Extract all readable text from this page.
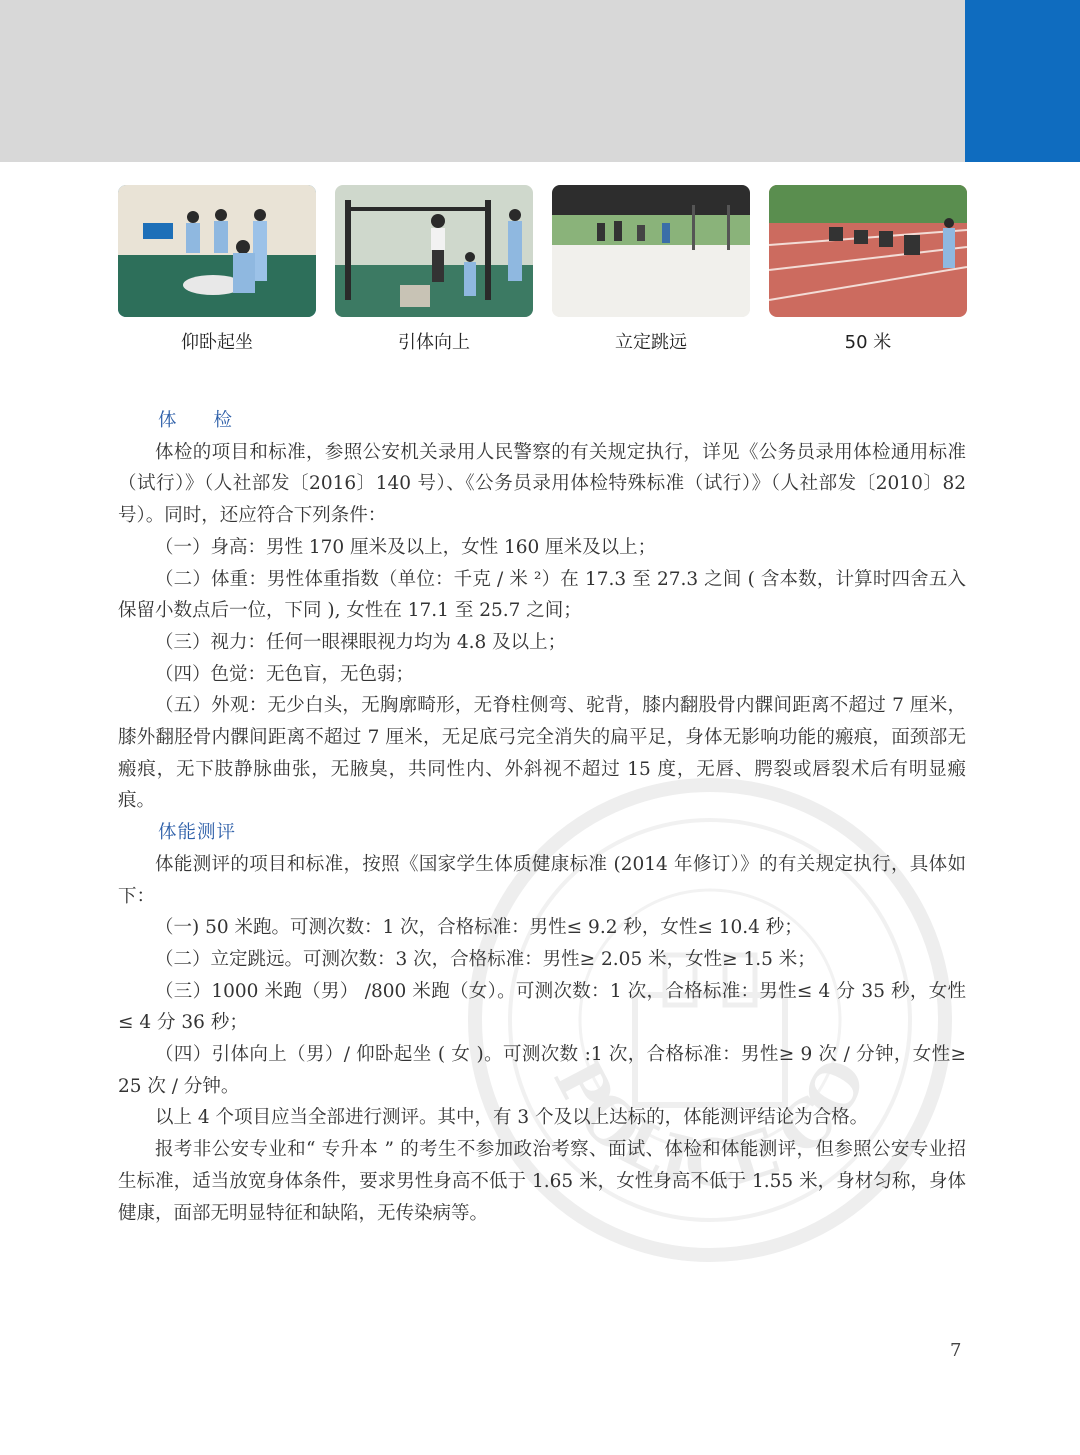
仰卧起坐	引体向上	立定跳远	50 米
POLICE CO

体　　检

体检的项目和标准，参照公安机关录用人民警察的有关规定执行，详见《公务员录用体检通用标准（试行）》（人社部发〔2016〕140 号）、《公务员录用体检特殊标准（试行）》（人社部发〔2010〕82 号）。同时，还应符合下列条件：

（一）身高：男性 170 厘米及以上，女性 160 厘米及以上；

（二）体重：男性体重指数（单位：千克 / 米 ²）在 17.3 至 27.3 之间 ( 含本数，计算时四舍五入保留小数点后一位，下同 ), 女性在 17.1 至 25.7 之间；

（三）视力：任何一眼裸眼视力均为 4.8 及以上；

（四）色觉：无色盲，无色弱；

（五）外观：无少白头，无胸廓畸形，无脊柱侧弯、驼背，膝内翻股骨内髁间距离不超过 7 厘米，膝外翻胫骨内髁间距离不超过 7 厘米，无足底弓完全消失的扁平足，身体无影响功能的瘢痕，面颈部无瘢痕，无下肢静脉曲张，无腋臭，共同性内、外斜视不超过 15 度，无唇、腭裂或唇裂术后有明显瘢痕。

体能测评

体能测评的项目和标准，按照《国家学生体质健康标准 (2014 年修订）》的有关规定执行，具体如下：

（一) 50 米跑。可测次数：1 次，合格标准：男性≤ 9.2 秒，女性≤ 10.4 秒；

（二）立定跳远。可测次数：3 次，合格标准：男性≥ 2.05 米，女性≥ 1.5 米；

（三）1000 米跑（男） /800 米跑（女）。可测次数：1 次，合格标准：男性≤ 4 分 35 秒，女性≤ 4 分 36 秒；

（四）引体向上（男）/ 仰卧起坐 ( 女 )。可测次数 :1 次，合格标准：男性≥ 9 次 / 分钟，女性≥ 25 次 / 分钟。

以上 4 个项目应当全部进行测评。其中，有 3 个及以上达标的，体能测评结论为合格。

报考非公安专业和“ 专升本 ” 的考生不参加政治考察、面试、体检和体能测评，但参照公安专业招生标准，适当放宽身体条件，要求男性身高不低于 1.65 米，女性身高不低于 1.55 米，身材匀称，身体健康，面部无明显特征和缺陷，无传染病等。

7
